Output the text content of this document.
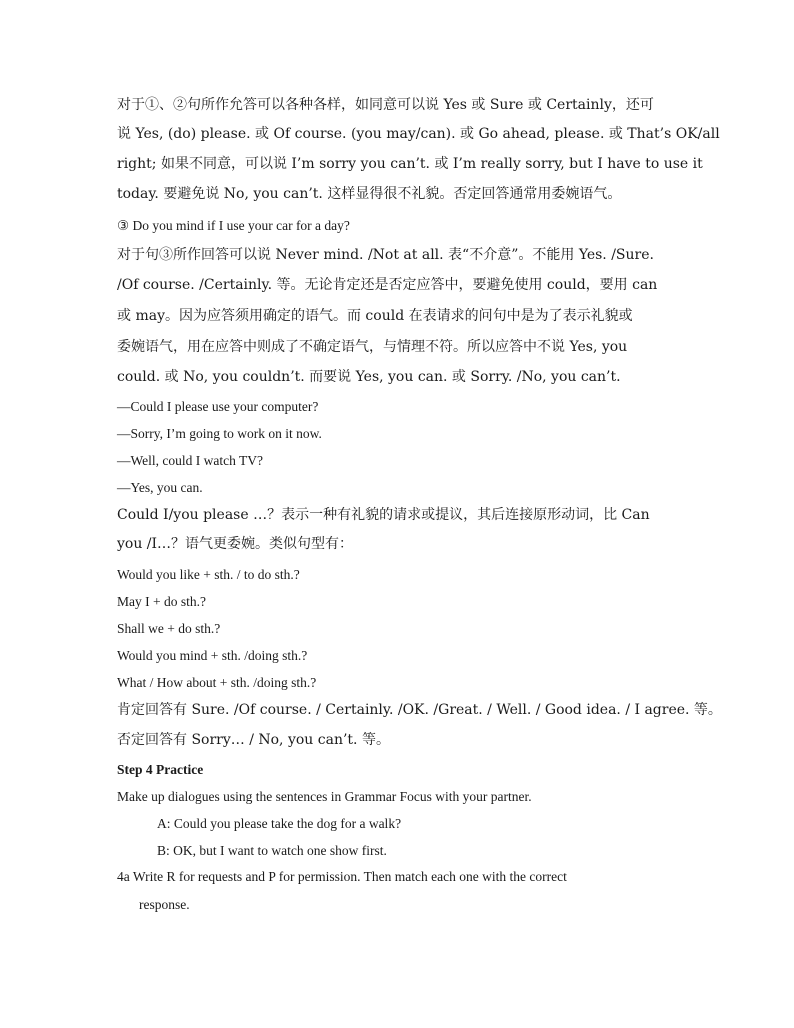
对于①、②句所作允答可以各种各样，如同意可以说 Yes 或 Sure 或 Certainly，还可
说 Yes, (do) please. 或 Of course. (you may/can). 或 Go ahead, please. 或 That’s OK/all
right; 如果不同意，可以说 I’m sorry you can’t. 或 I’m really sorry, but I have to use it
today. 要避免说 No, you can’t. 这样显得很不礼貌。否定回答通常用委婉语气。
③ Do you mind if I use your car for a day?
对于句③所作回答可以说 Never mind. /Not at all. 表“不介意”。不能用 Yes. /Sure.
/Of course. /Certainly. 等。无论肯定还是否定应答中，要避免使用 could，要用 can
或 may。因为应答须用确定的语气。而 could 在表请求的问句中是为了表示礼貌或
委婉语气，用在应答中则成了不确定语气，与情理不符。所以应答中不说 Yes, you
could. 或 No, you couldn’t. 而要说 Yes, you can. 或 Sorry. /No, you can’t.
—Could I please use your computer?
—Sorry, I’m going to work on it now.
—Well, could I watch TV?
—Yes, you can.
Could I/you please …？表示一种有礼貌的请求或提议，其后连接原形动词，比 Can
you /I…？语气更委婉。类似句型有：
Would you like + sth. / to do sth.?
May I + do sth.?
Shall we + do sth.?
Would you mind + sth. /doing sth.?
What / How about + sth. /doing sth.?
肯定回答有 Sure. /Of course. / Certainly. /OK. /Great. / Well. / Good idea. / I agree. 等。
否定回答有 Sorry… / No, you can’t. 等。
Step 4 Practice
Make up dialogues using the sentences in Grammar Focus with your partner.
A: Could you please take the dog for a walk?
B: OK, but I want to watch one show first.
4a Write R for requests and P for permission. Then match each one with the correct
response.
